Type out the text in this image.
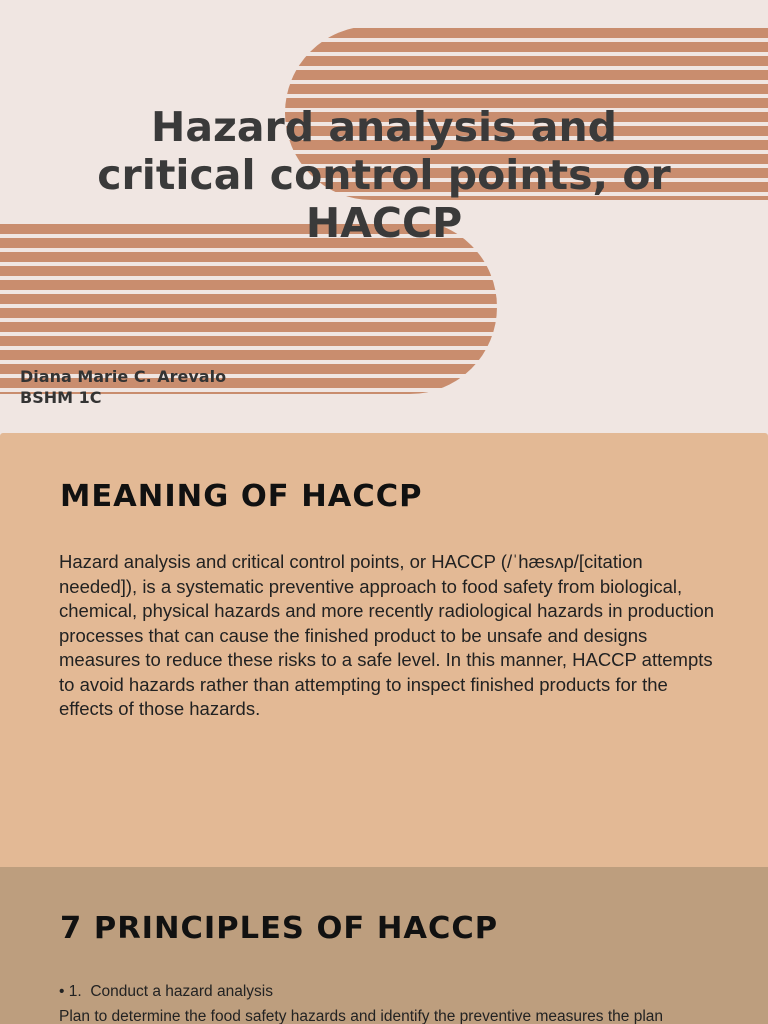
Hazard analysis and
critical control points, or
HACCP
Diana Marie C. Arevalo
BSHM 1C
MEANING OF HACCP

Hazard analysis and critical control points, or HACCP (/ˈhæsʌp/[citation needed]), is a systematic preventive approach to food safety from biological, chemical, physical hazards and more recently radiological hazards in production processes that can cause the finished product to be unsafe and designs measures to reduce these risks to a safe level. In this manner, HACCP attempts to avoid hazards rather than attempting to inspect finished products for the effects of those hazards.

7 PRINCIPLES OF HACCP

• 1. Conduct a hazard analysis

Plan to determine the food safety hazards and identify the preventive measures the plan
